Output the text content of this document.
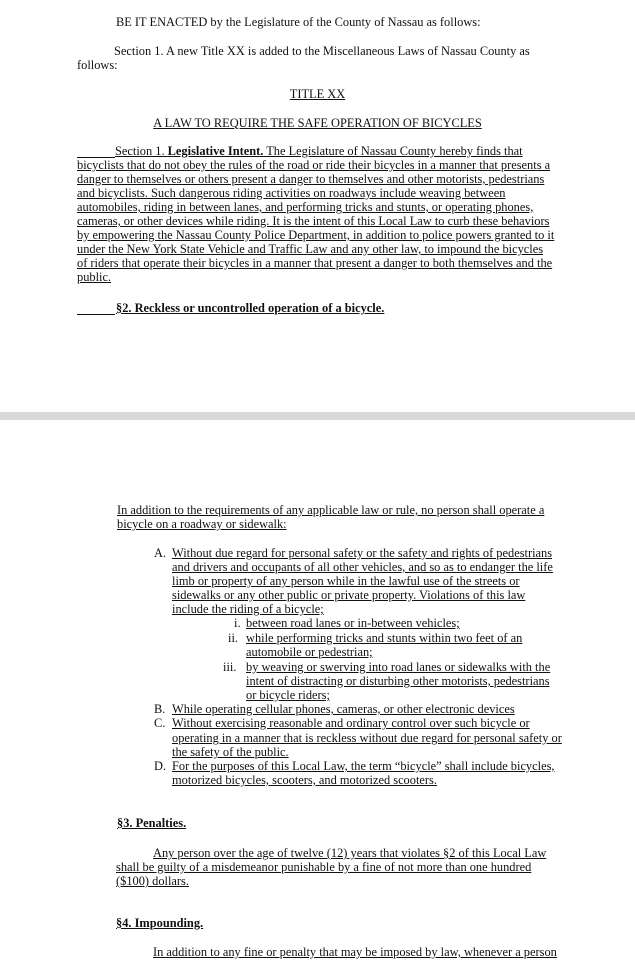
BE IT ENACTED by the Legislature of the County of Nassau as follows:
Section 1. A new Title XX is added to the Miscellaneous Laws of Nassau County as
follows:
TITLE XX
A LAW TO REQUIRE THE SAFE OPERATION OF BICYCLES
Section 1. Legislative Intent. The Legislature of Nassau County hereby finds that
bicyclists that do not obey the rules of the road or ride their bicycles in a manner that presents a
danger to themselves or others present a danger to themselves and other motorists, pedestrians
and bicyclists. Such dangerous riding activities on roadways include weaving between
automobiles, riding in between lanes, and performing tricks and stunts, or operating phones,
cameras, or other devices while riding. It is the intent of this Local Law to curb these behaviors
by empowering the Nassau County Police Department, in addition to police powers granted to it
under the New York State Vehicle and Traffic Law and any other law, to impound the bicycles
of riders that operate their bicycles in a manner that present a danger to both themselves and the
public.
§2. Reckless or uncontrolled operation of a bicycle.
In addition to the requirements of any applicable law or rule, no person shall operate a
bicycle on a roadway or sidewalk:
A. Without due regard for personal safety or the safety and rights of pedestrians
and drivers and occupants of all other vehicles, and so as to endanger the life
limb or property of any person while in the lawful use of the streets or
sidewalks or any other public or private property. Violations of this law
include the riding of a bicycle;
i. between road lanes or in-between vehicles;
ii. while performing tricks and stunts within two feet of an
automobile or pedestrian;
iii. by weaving or swerving into road lanes or sidewalks with the
intent of distracting or disturbing other motorists, pedestrians
or bicycle riders;
B. While operating cellular phones, cameras, or other electronic devices
C. Without exercising reasonable and ordinary control over such bicycle or
operating in a manner that is reckless without due regard for personal safety or
the safety of the public.
D. For the purposes of this Local Law, the term “bicycle” shall include bicycles,
motorized bicycles, scooters, and motorized scooters.
§3. Penalties.
Any person over the age of twelve (12) years that violates §2 of this Local Law
shall be guilty of a misdemeanor punishable by a fine of not more than one hundred
($100) dollars.
§4. Impounding.
In addition to any fine or penalty that may be imposed by law, whenever a person
